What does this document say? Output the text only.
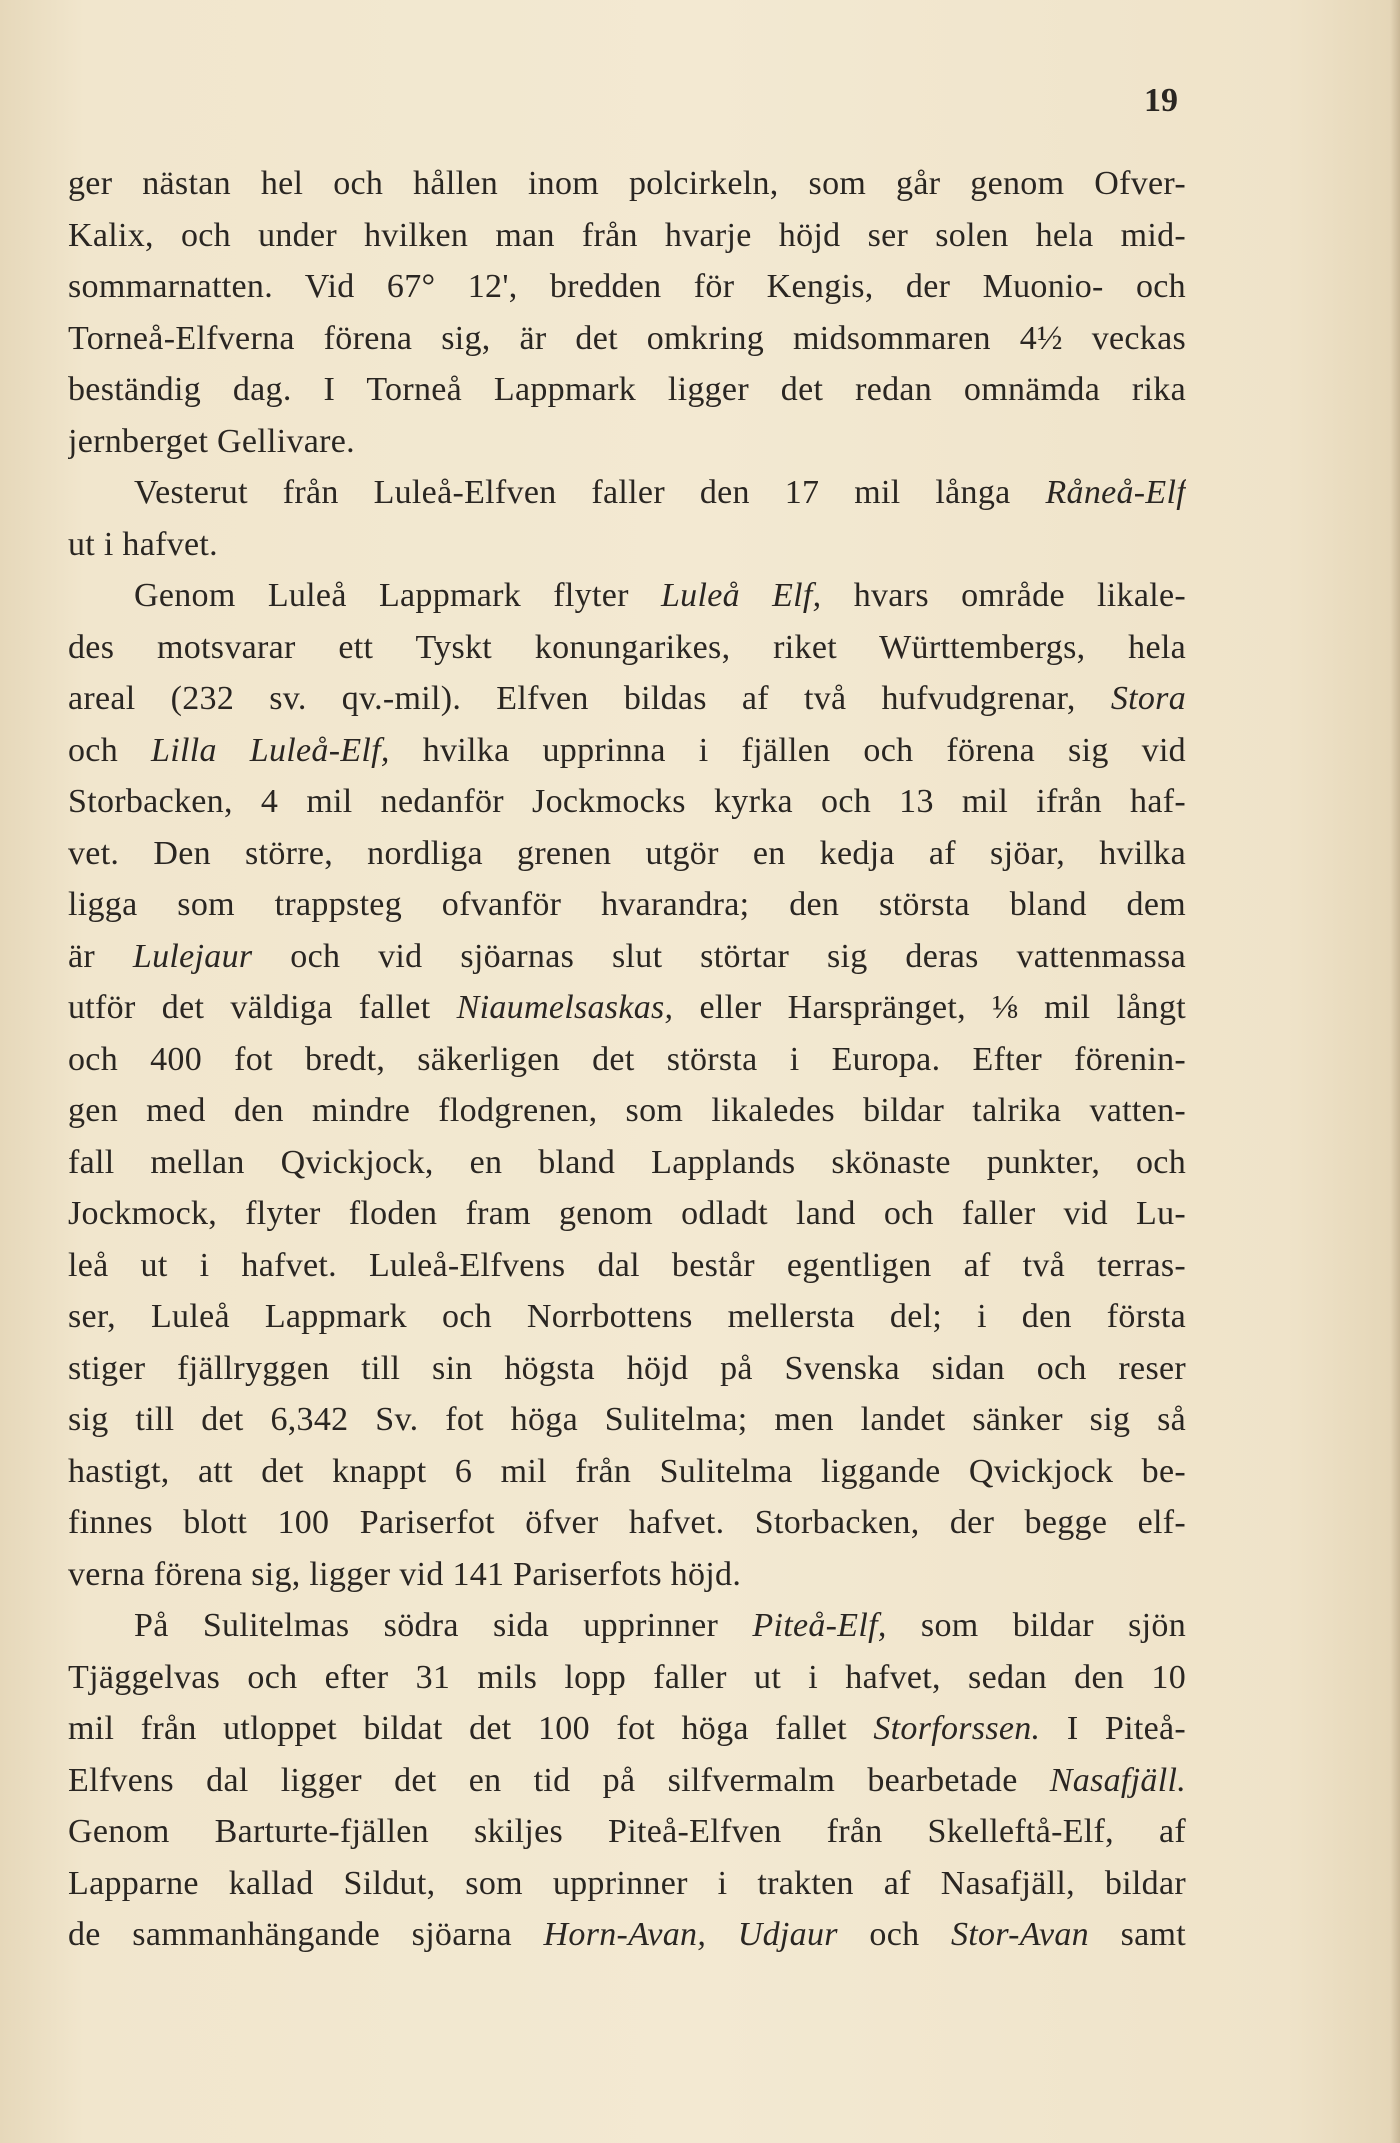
19
ger nästan hel och hållen inom polcirkeln, som går genom Ofver-
Kalix, och under hvilken man från hvarje höjd ser solen hela mid-
sommarnatten. Vid 67° 12', bredden för Kengis, der Muonio- och
Torneå-Elfverna förena sig, är det omkring midsommaren 4½ veckas
beständig dag. I Torneå Lappmark ligger det redan omnämda rika
jernberget Gellivare.
Vesterut från Luleå-Elfven faller den 17 mil långa Råneå-Elf
ut i hafvet.
Genom Luleå Lappmark flyter Luleå Elf, hvars område likale-
des motsvarar ett Tyskt konungarikes, riket Württembergs, hela
areal (232 sv. qv.-mil). Elfven bildas af två hufvudgrenar, Stora
och Lilla Luleå-Elf, hvilka upprinna i fjällen och förena sig vid
Storbacken, 4 mil nedanför Jockmocks kyrka och 13 mil ifrån haf-
vet. Den större, nordliga grenen utgör en kedja af sjöar, hvilka
ligga som trappsteg ofvanför hvarandra; den största bland dem
är Lulejaur och vid sjöarnas slut störtar sig deras vattenmassa
utför det väldiga fallet Niaumelsaskas, eller Harspränget, ⅛ mil långt
och 400 fot bredt, säkerligen det största i Europa. Efter förenin-
gen med den mindre flodgrenen, som likaledes bildar talrika vatten-
fall mellan Qvickjock, en bland Lapplands skönaste punkter, och
Jockmock, flyter floden fram genom odladt land och faller vid Lu-
leå ut i hafvet. Luleå-Elfvens dal består egentligen af två terras-
ser, Luleå Lappmark och Norrbottens mellersta del; i den första
stiger fjällryggen till sin högsta höjd på Svenska sidan och reser
sig till det 6,342 Sv. fot höga Sulitelma; men landet sänker sig så
hastigt, att det knappt 6 mil från Sulitelma liggande Qvickjock be-
finnes blott 100 Pariserfot öfver hafvet. Storbacken, der begge elf-
verna förena sig, ligger vid 141 Pariserfots höjd.
På Sulitelmas södra sida upprinner Piteå-Elf, som bildar sjön
Tjäggelvas och efter 31 mils lopp faller ut i hafvet, sedan den 10
mil från utloppet bildat det 100 fot höga fallet Storforssen. I Piteå-
Elfvens dal ligger det en tid på silfvermalm bearbetade Nasafjäll.
Genom Barturte-fjällen skiljes Piteå-Elfven från Skelleftå-Elf, af
Lapparne kallad Sildut, som upprinner i trakten af Nasafjäll, bildar
de sammanhängande sjöarna Horn-Avan, Udjaur och Stor-Avan samt
